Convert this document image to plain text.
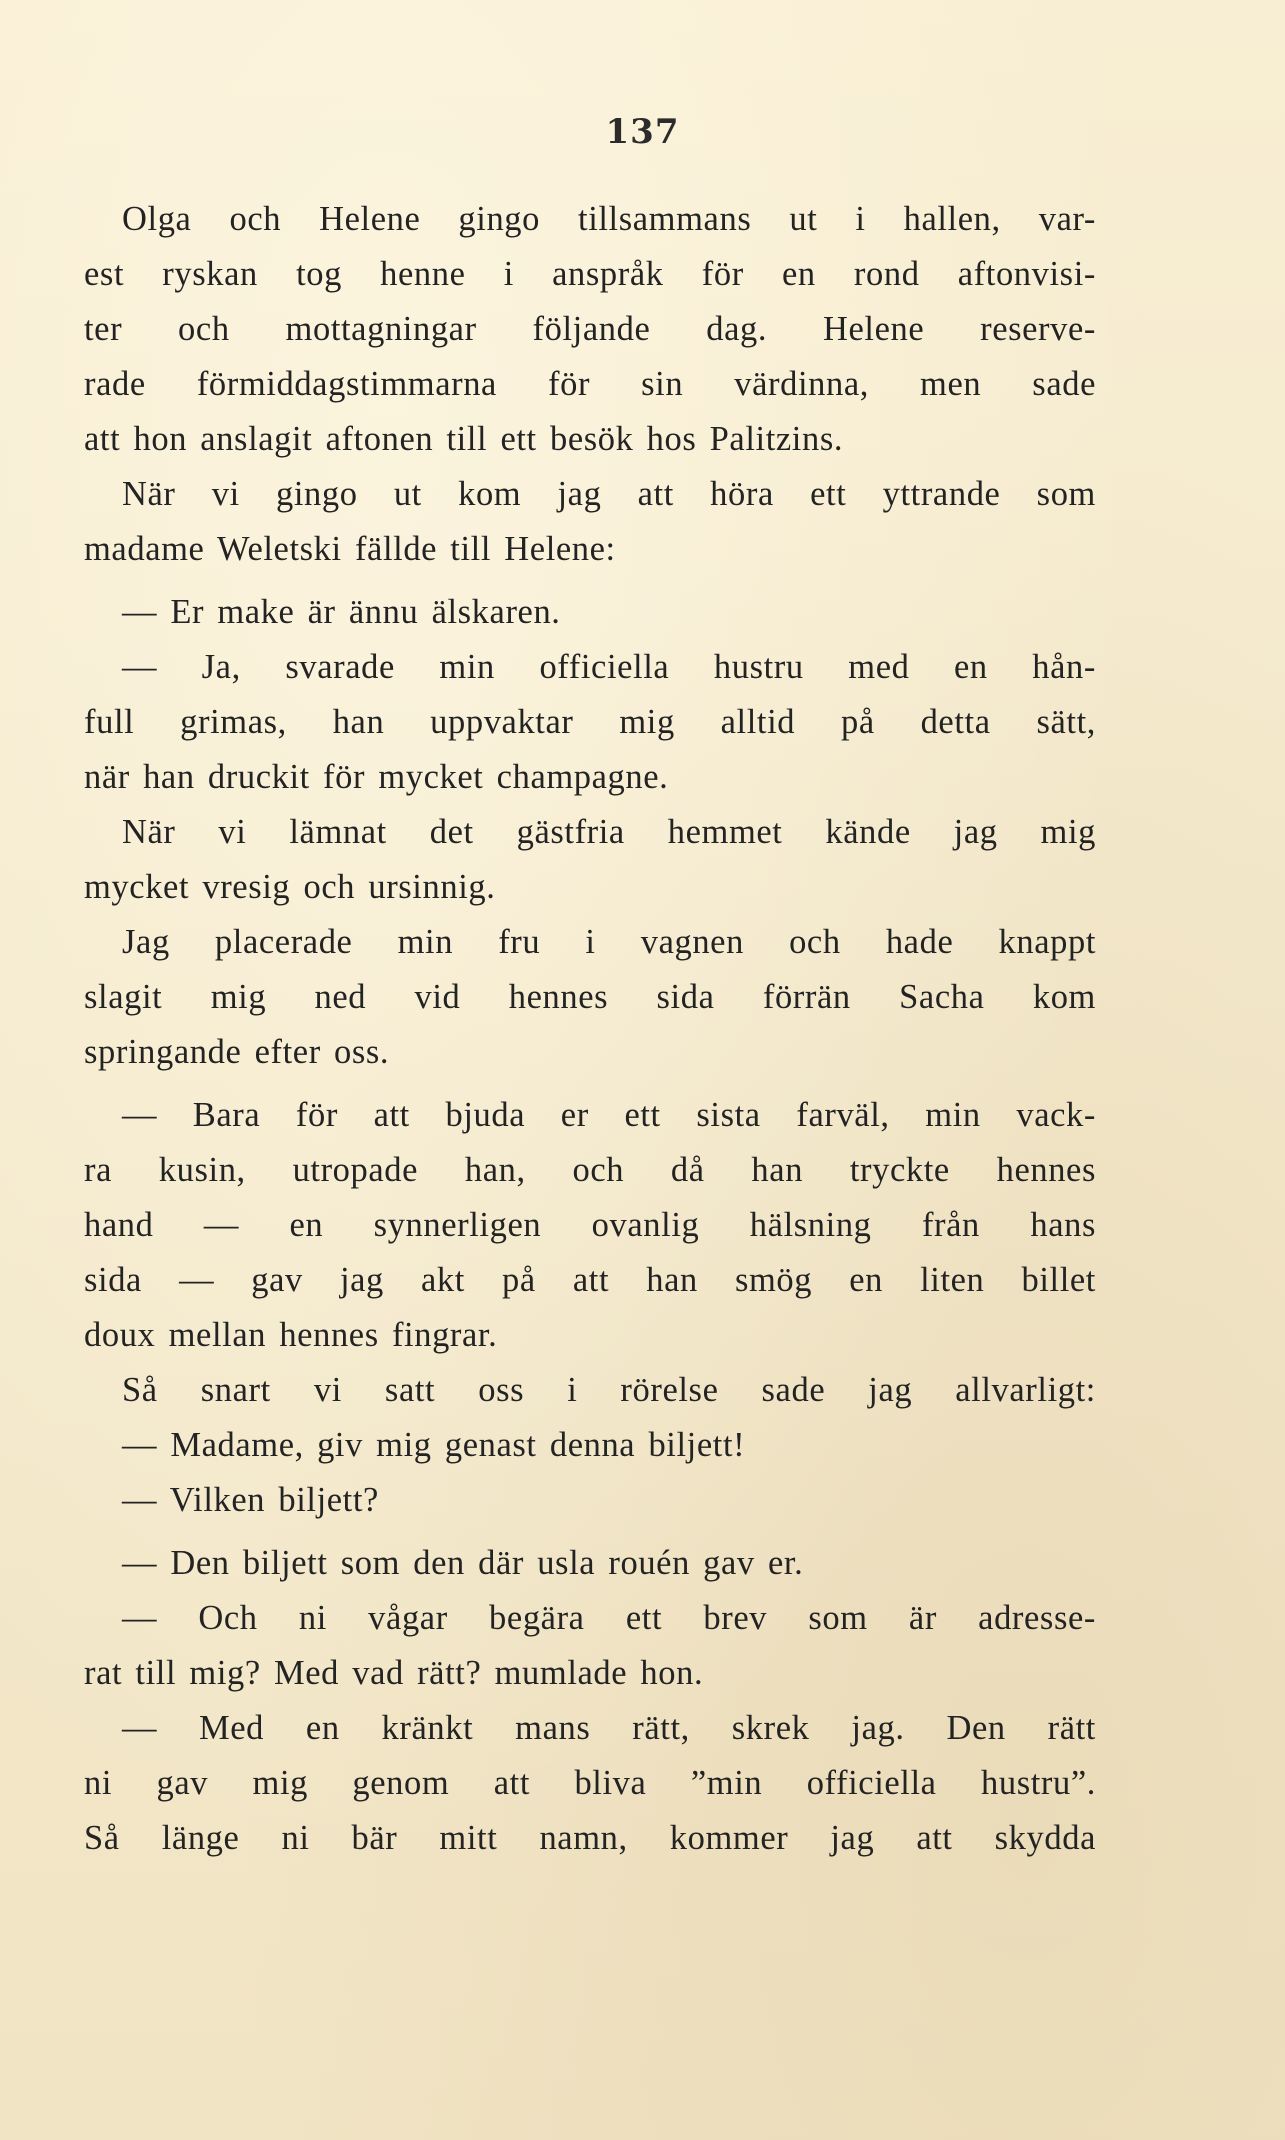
137
Olga och Helene gingo tillsammans ut i hallen, var-
est ryskan tog henne i anspråk för en rond aftonvisi-
ter och mottagningar följande dag. Helene reserve-
rade förmiddagstimmarna för sin värdinna, men sade
att hon anslagit aftonen till ett besök hos Palitzins.
När vi gingo ut kom jag att höra ett yttrande som
madame Weletski fällde till Helene:
— Er make är ännu älskaren.
— Ja, svarade min officiella hustru med en hån-
full grimas, han uppvaktar mig alltid på detta sätt,
när han druckit för mycket champagne.
När vi lämnat det gästfria hemmet kände jag mig
mycket vresig och ursinnig.
Jag placerade min fru i vagnen och hade knappt
slagit mig ned vid hennes sida förrän Sacha kom
springande efter oss.
— Bara för att bjuda er ett sista farväl, min vack-
ra kusin, utropade han, och då han tryckte hennes
hand — en synnerligen ovanlig hälsning från hans
sida — gav jag akt på att han smög en liten billet
doux mellan hennes fingrar.
Så snart vi satt oss i rörelse sade jag allvarligt:
— Madame, giv mig genast denna biljett!
— Vilken biljett?
— Den biljett som den där usla rouén gav er.
— Och ni vågar begära ett brev som är adresse-
rat till mig? Med vad rätt? mumlade hon.
— Med en kränkt mans rätt, skrek jag. Den rätt
ni gav mig genom att bliva ”min officiella hustru”.
Så länge ni bär mitt namn, kommer jag att skydda
